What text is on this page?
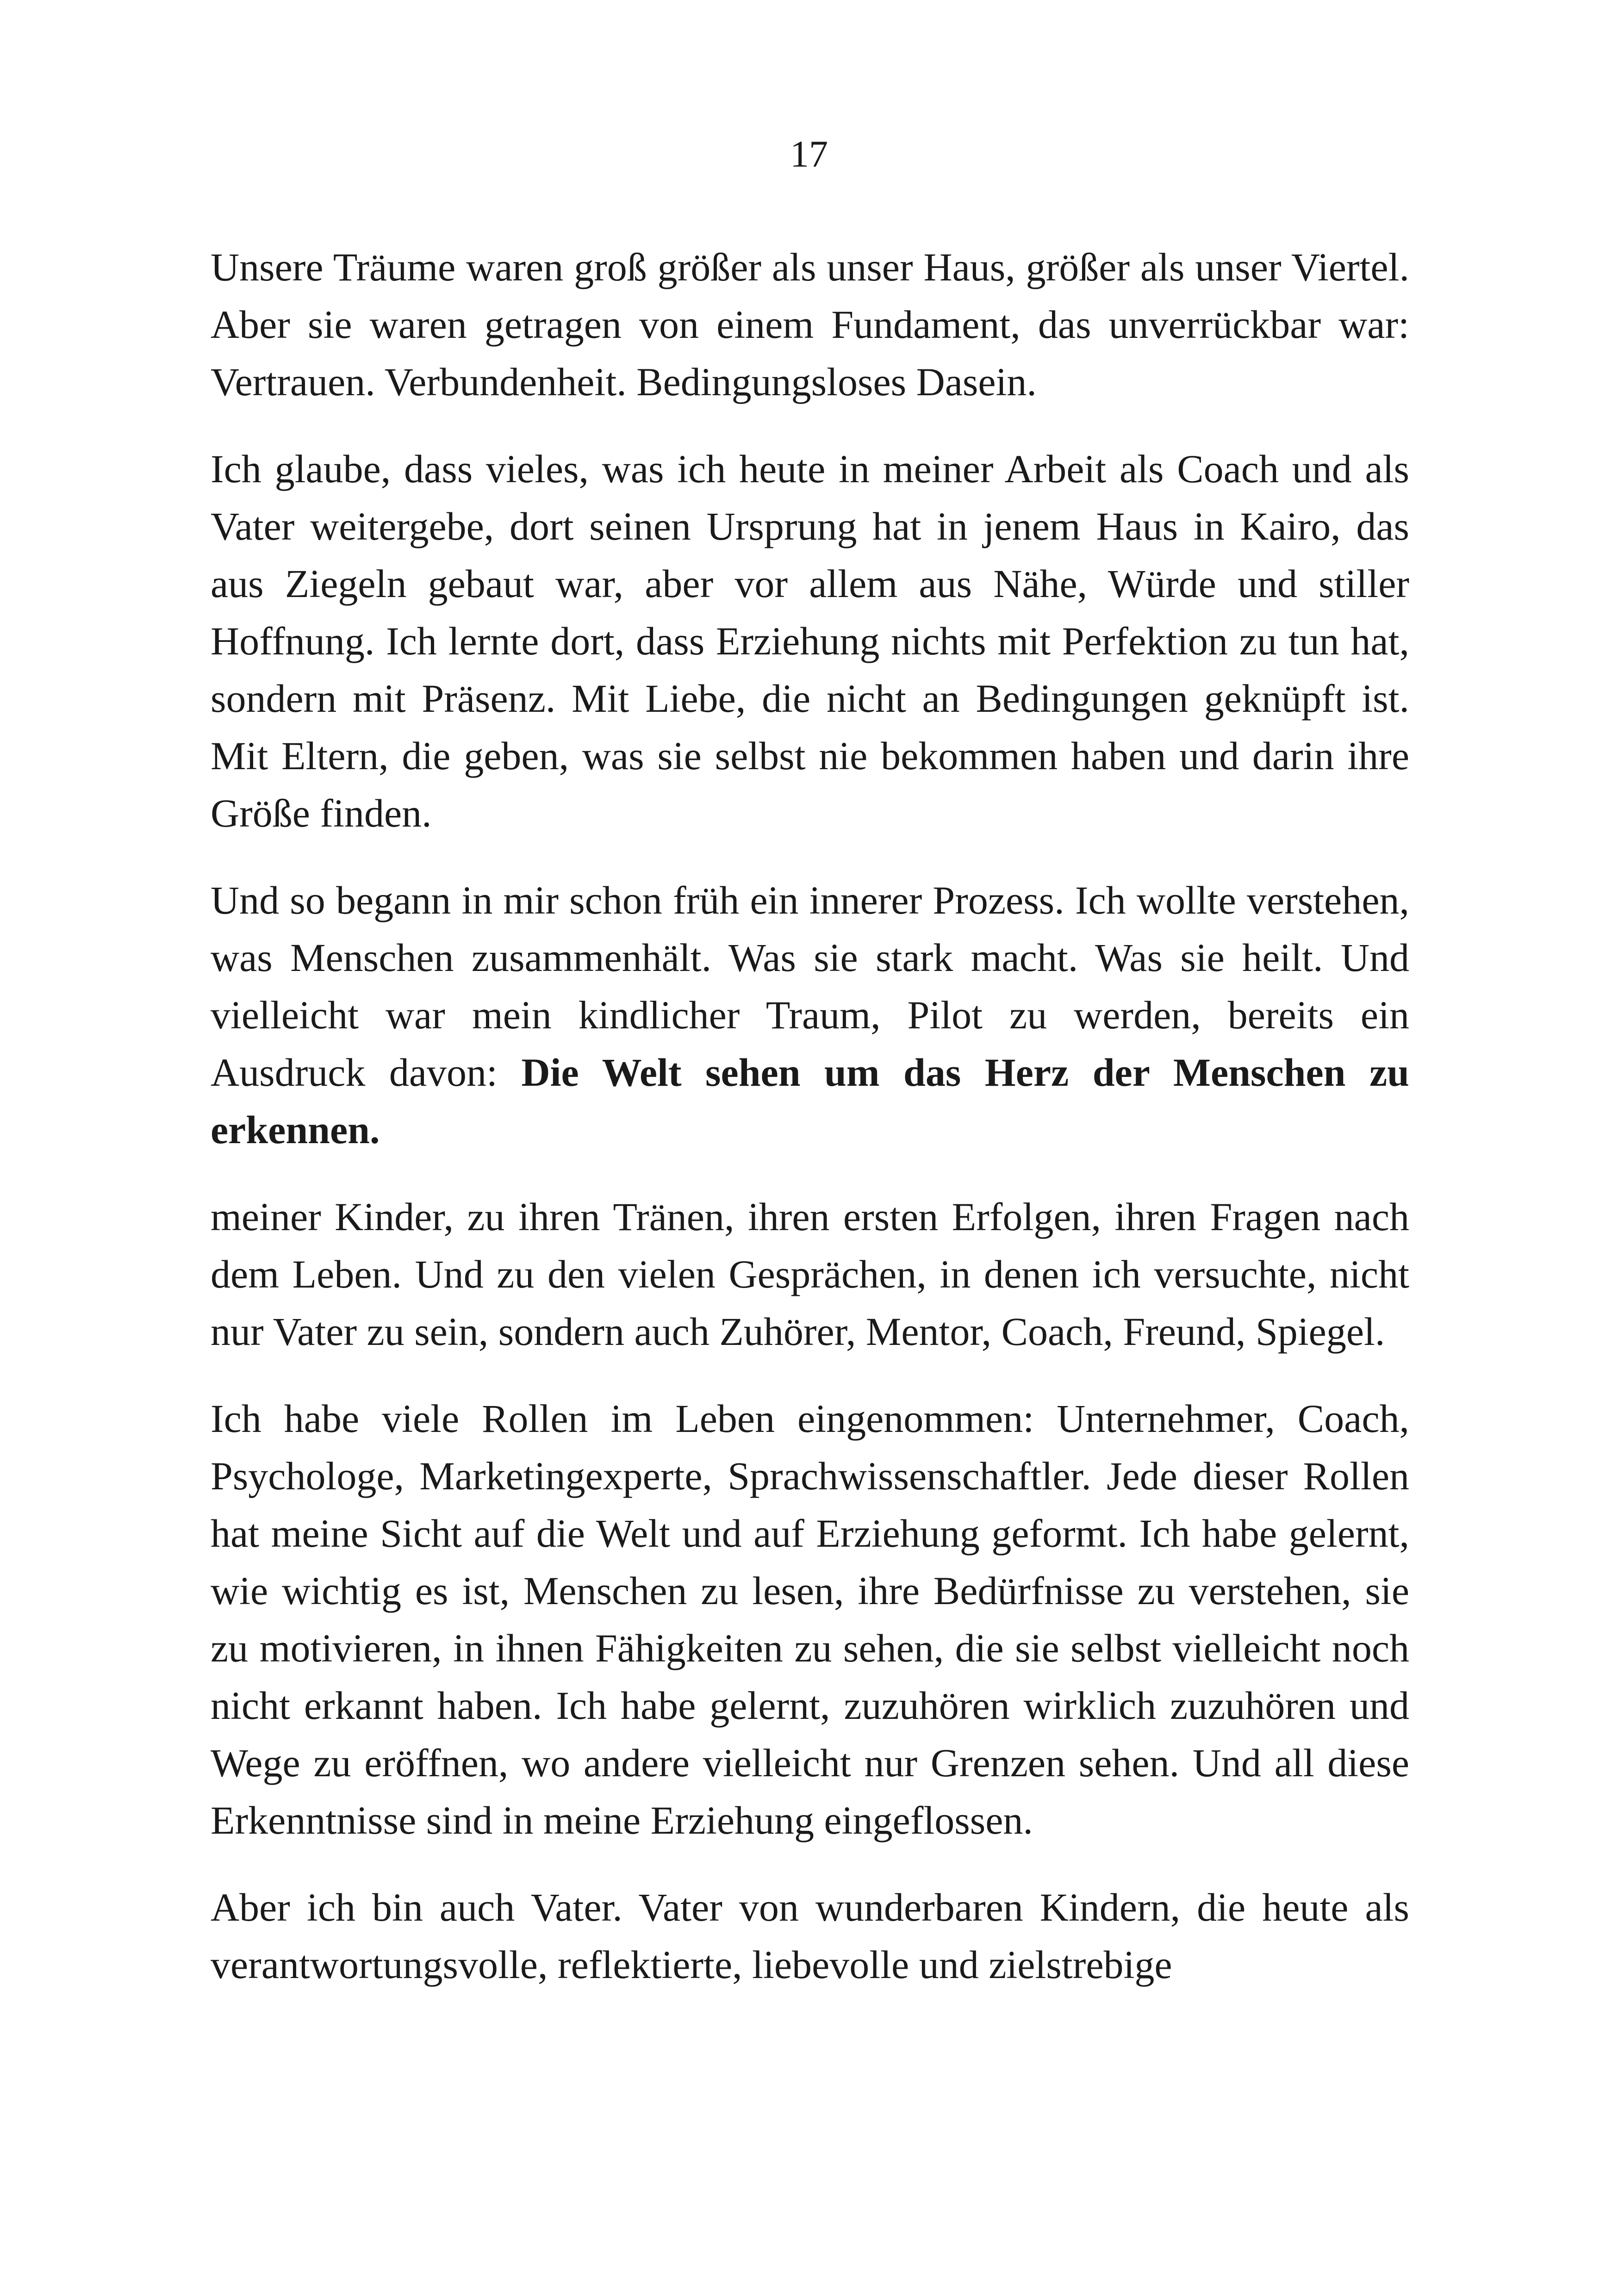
17

Unsere Träume waren groß größer als unser Haus, größer als unser Viertel. Aber sie waren getragen von einem Fundament, das unverrückbar war: Vertrauen. Verbundenheit. Bedingungsloses Dasein.

Ich glaube, dass vieles, was ich heute in meiner Arbeit als Coach und als Vater weitergebe, dort seinen Ursprung hat in jenem Haus in Kairo, das aus Ziegeln gebaut war, aber vor allem aus Nähe, Würde und stiller Hoffnung. Ich lernte dort, dass Erziehung nichts mit Perfektion zu tun hat, sondern mit Präsenz. Mit Liebe, die nicht an Bedingungen geknüpft ist. Mit Eltern, die geben, was sie selbst nie bekommen haben und darin ihre Größe finden.

Und so begann in mir schon früh ein innerer Prozess. Ich wollte verstehen, was Menschen zusammenhält. Was sie stark macht. Was sie heilt. Und vielleicht war mein kindlicher Traum, Pilot zu werden, bereits ein Ausdruck davon: Die Welt sehen um das Herz der Menschen zu erkennen.

meiner Kinder, zu ihren Tränen, ihren ersten Erfolgen, ihren Fragen nach dem Leben. Und zu den vielen Gesprächen, in denen ich versuchte, nicht nur Vater zu sein, sondern auch Zuhörer, Mentor, Coach, Freund, Spiegel.

Ich habe viele Rollen im Leben eingenommen: Unternehmer, Coach, Psychologe, Marketingexperte, Sprachwissenschaftler. Jede dieser Rollen hat meine Sicht auf die Welt und auf Erziehung geformt. Ich habe gelernt, wie wichtig es ist, Menschen zu lesen, ihre Bedürfnisse zu verstehen, sie zu motivieren, in ihnen Fähigkeiten zu sehen, die sie selbst vielleicht noch nicht erkannt haben. Ich habe gelernt, zuzuhören wirklich zuzuhören und Wege zu eröffnen, wo andere vielleicht nur Grenzen sehen. Und all diese Erkenntnisse sind in meine Erziehung eingeflossen.

Aber ich bin auch Vater. Vater von wunderbaren Kindern, die heute als verantwortungsvolle, reflektierte, liebevolle und zielstrebige
